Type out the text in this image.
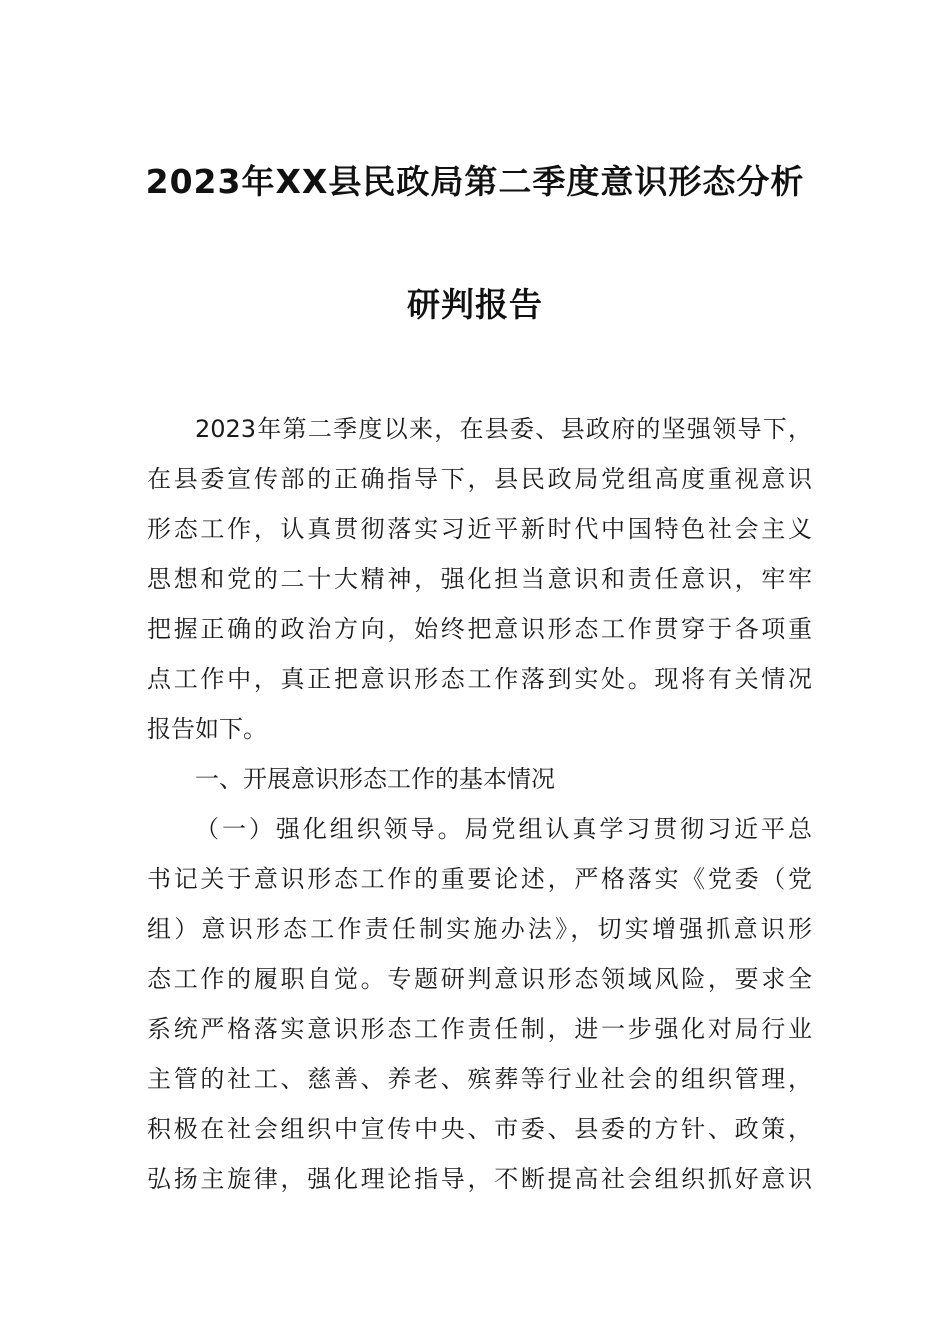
2023年XX县民政局第二季度意识形态分析
研判报告
2023年第二季度以来，在县委、县政府的坚强领导下，
在县委宣传部的正确指导下，县民政局党组高度重视意识
形态工作，认真贯彻落实习近平新时代中国特色社会主义
思想和党的二十大精神，强化担当意识和责任意识，牢牢
把握正确的政治方向，始终把意识形态工作贯穿于各项重
点工作中，真正把意识形态工作落到实处。现将有关情况
报告如下。
一、开展意识形态工作的基本情况
（一）强化组织领导。局党组认真学习贯彻习近平总
书记关于意识形态工作的重要论述，严格落实《党委（党
组）意识形态工作责任制实施办法》，切实增强抓意识形
态工作的履职自觉。专题研判意识形态领域风险，要求全
系统严格落实意识形态工作责任制，进一步强化对局行业
主管的社工、慈善、养老、殡葬等行业社会的组织管理，
积极在社会组织中宣传中央、市委、县委的方针、政策，
弘扬主旋律，强化理论指导，不断提高社会组织抓好意识
